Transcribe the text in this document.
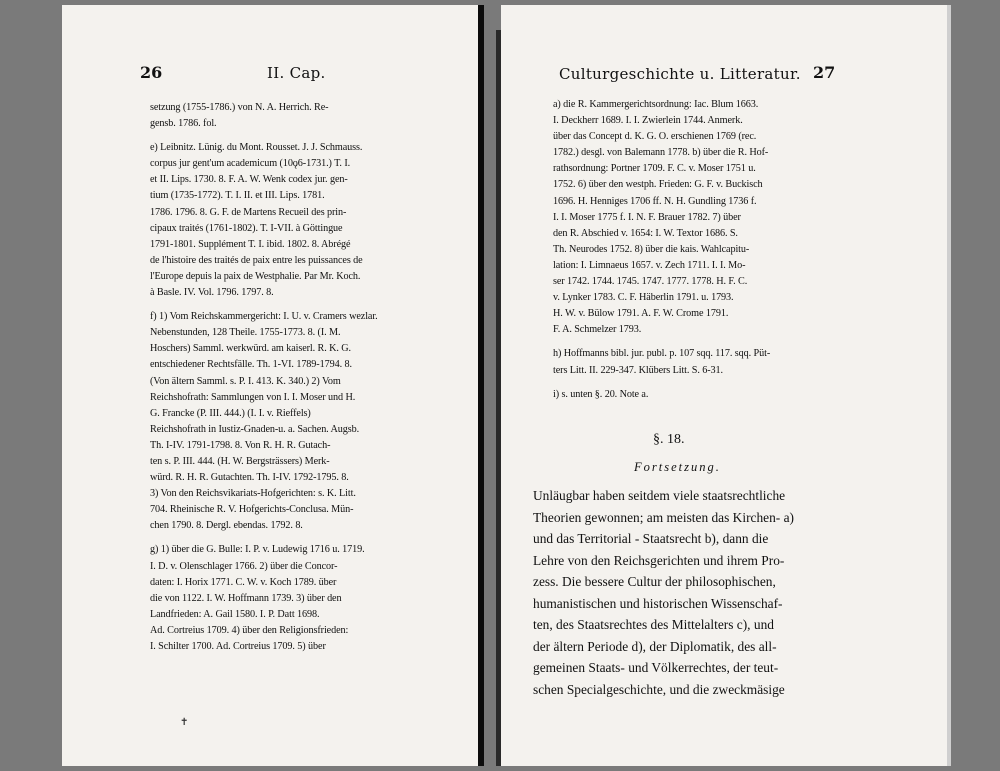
26	II. Cap.
setzung (1755-1786.) von N. A. Herrich. Re-
gensb. 1786. fol.

e) Leibnitz. Lünig. du Mont. Rousset. J. J. Schmauss.
corpus jur gent'um academicum (10ǫ6-1731.) T. I.
et II. Lips. 1730. 8. F. A. W. Wenk codex jur. gen-
tium (1735-1772). T. I. II. et III. Lips. 1781.
1786. 1796. 8. G. F. de Martens Recueil des prin-
cipaux traités (1761-1802). T. I-VII. à Göttingue
1791-1801. Supplément T. I. ibid. 1802. 8. Abrégé
de l'histoire des traités de paix entre les puissances de
l'Europe depuis la paix de Westphalie. Par Mr. Koch.
à Basle. IV. Vol. 1796. 1797. 8.

f) 1) Vom Reichskammergericht: I. U. v. Cramers wezlar.
Nebenstunden, 128 Theile. 1755-1773. 8. (I. M.
Hoschers) Samml. werkwürd. am kaiserl. R. K. G.
entschiedener Rechtsfälle. Th. 1-VI. 1789-1794. 8.
(Von ältern Samml. s. P. I. 413. K. 340.) 2) Vom
Reichshofrath: Sammlungen von I. I. Moser und H.
G. Francke (P. III. 444.) (I. I. v. Rieffels)
Reichshofrath in Iustiz-Gnaden-u. a. Sachen. Augsb.
Th. I-IV. 1791-1798. 8. Von R. H. R. Gutach-
ten s. P. III. 444. (H. W. Bergsträssers) Merk-
würd. R. H. R. Gutachten. Th. I-IV. 1792-1795. 8.
3) Von den Reichsvikariats-Hofgerichten: s. K. Litt.
704. Rheinische R. V. Hofgerichts-Conclusa. Mün-
chen 1790. 8. Dergl. ebendas. 1792. 8.

g) 1) über die G. Bulle: I. P. v. Ludewig 1716 u. 1719.
I. D. v. Olenschlager 1766. 2) über die Concor-
daten: I. Horix 1771. C. W. v. Koch 1789. über
die von 1122. I. W. Hoffmann 1739. 3) über den
Landfrieden: A. Gail 1580. I. P. Datt 1698.
Ad. Cortreius 1709. 4) über den Religionsfrieden:
I. Schilter 1700. Ad. Cortreius 1709. 5) über
✝
Culturgeschichte u. Litteratur. 27
a) die R. Kammergerichtsordnung: Iac. Blum 1663.
I. Deckherr 1689. I. I. Zwierlein 1744. Anmerk.
über das Concept d. K. G. O. erschienen 1769 (rec.
1782.) desgl. von Balemann 1778. b) über die R. Hof-
rathsordnung: Portner 1709. F. C. v. Moser 1751 u.
1752. 6) über den westph. Frieden: G. F. v. Buckisch
1696. H. Henniges 1706 ff. N. H. Gundling 1736 f.
I. I. Moser 1775 f. I. N. F. Brauer 1782. 7) über
den R. Abschied v. 1654: I. W. Textor 1686. S.
Th. Neurodes 1752. 8) über die kais. Wahlcapitu-
lation: I. Limnaeus 1657. v. Zech 1711. I. I. Mo-
ser 1742. 1744. 1745. 1747. 1777. 1778. H. F. C.
v. Lynker 1783. C. F. Häberlin 1791. u. 1793.
H. W. v. Bülow 1791. A. F. W. Crome 1791.
F. A. Schmelzer 1793.

h) Hoffmanns bibl. jur. publ. p. 107 sqq. 117. sqq. Püt-
ters Litt. II. 229-347. Klübers Litt. S. 6-31.

i) s. unten §. 20. Note a.
§. 18.
Fortsetzung.
Unläugbar haben seitdem viele staatsrechtliche
Theorien gewonnen; am meisten das Kirchen- a)
und das Territorial - Staatsrecht b), dann die
Lehre von den Reichsgerichten und ihrem Pro-
zess. Die bessere Cultur der philosophischen,
humanistischen und historischen Wissenschaf-
ten, des Staatsrechtes des Mittelalters c), und
der ältern Periode d), der Diplomatik, des all-
gemeinen Staats- und Völkerrechtes, der teut-
schen Specialgeschichte, und die zweckmäsige
